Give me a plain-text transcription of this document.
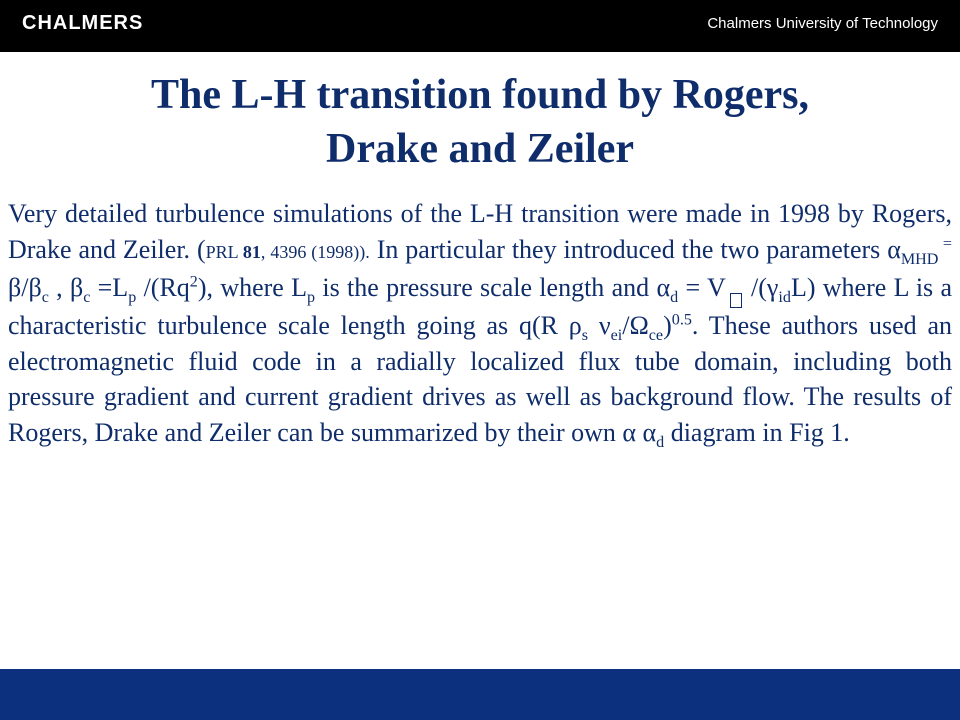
CHALMERS	Chalmers University of Technology
The L-H transition found by Rogers,
Drake and Zeiler
Very detailed turbulence simulations of the L-H transition were made in 1998 by Rogers, Drake and Zeiler. (PRL 81, 4396 (1998)). In particular they introduced the two parameters $\alpha_{MHD}$ = $\beta/\beta_c$ , $\beta_c =L_p$ /(Rq$^2$), where $L_p$ is the pressure scale length and $\alpha_d = V$ $/(\gamma_{id}L)$ where L is a characteristic turbulence scale length going as q(R $\rho_s$ $\nu_{ei}/\Omega_{ce})^{0.5}$. These authors used an electromagnetic fluid code in a radially localized flux tube domain, including both pressure gradient and current gradient drives as well as background flow. The results of Rogers, Drake and Zeiler can be summarized by their own α $\alpha_d$ diagram in Fig 1.
